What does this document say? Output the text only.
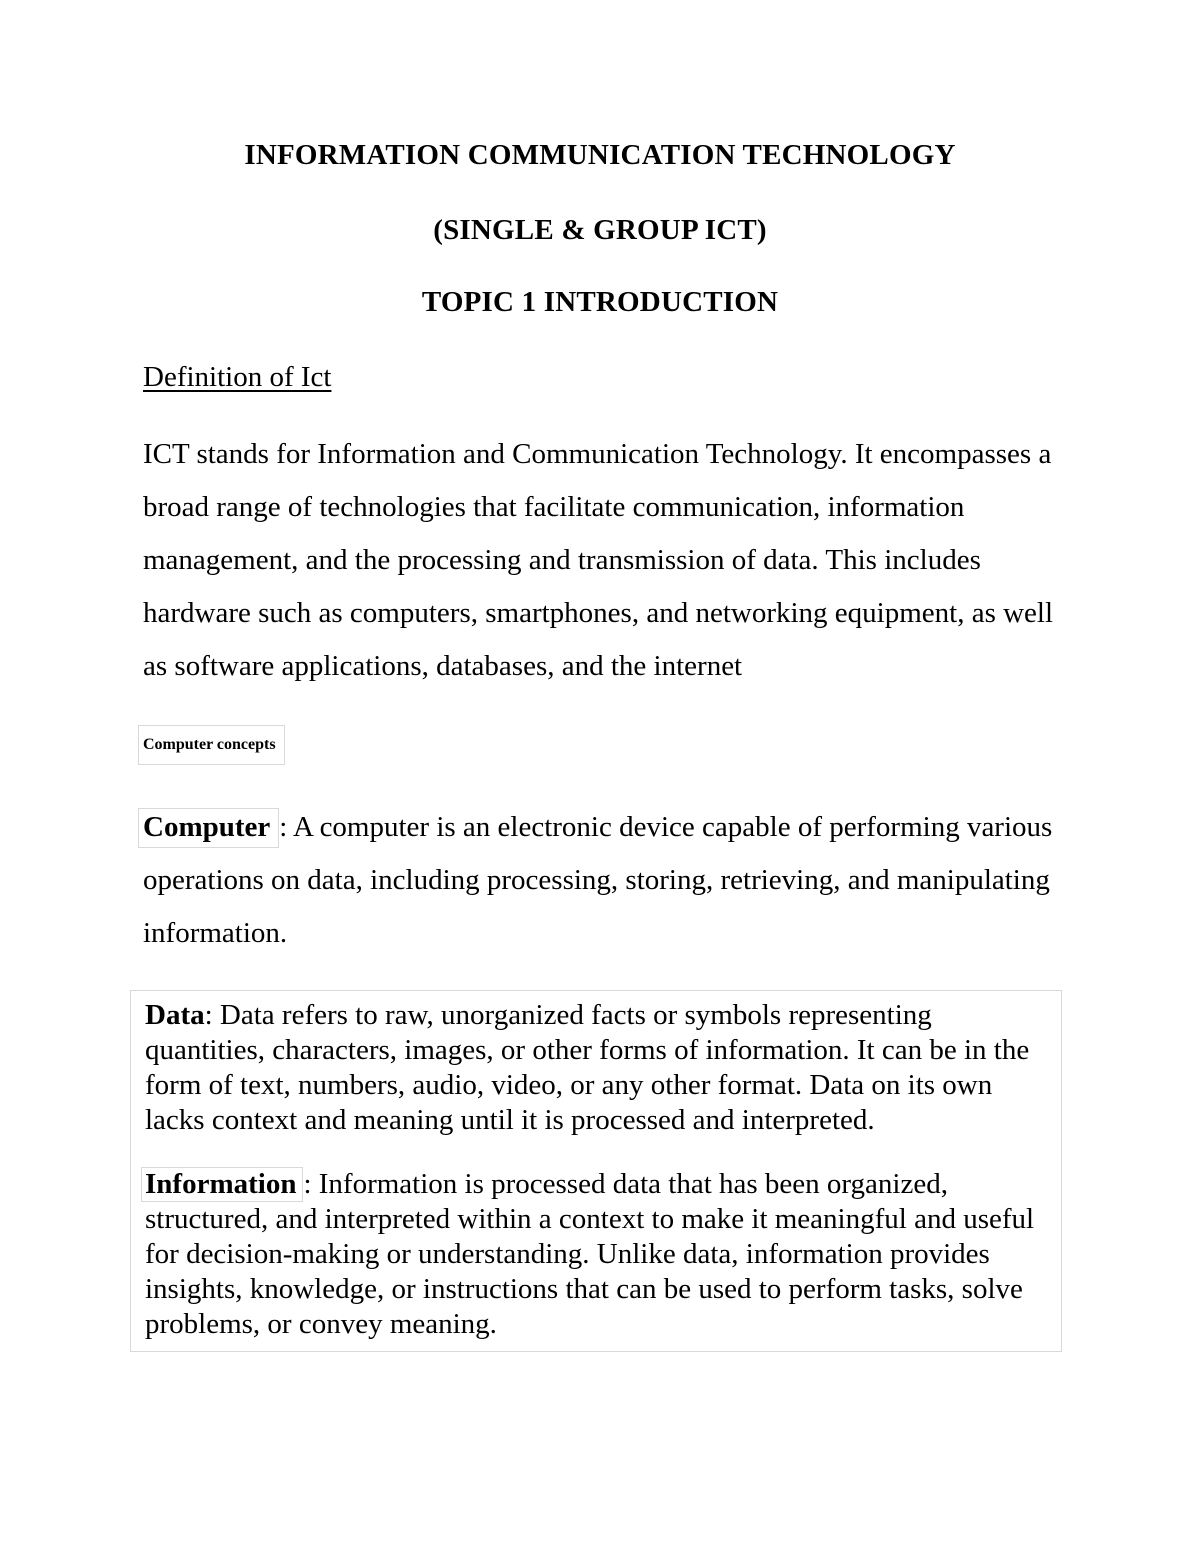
INFORMATION COMMUNICATION TECHNOLOGY
(SINGLE & GROUP ICT)
TOPIC 1 INTRODUCTION
Definition of Ict

ICT stands for Information and Communication Technology. It encompasses a broad range of technologies that facilitate communication, information management, and the processing and transmission of data. This includes hardware such as computers, smartphones, and networking equipment, as well as software applications, databases, and the internet

Computer concepts

Computer : A computer is an electronic device capable of performing various operations on data, including processing, storing, retrieving, and manipulating information.

Data: Data refers to raw, unorganized facts or symbols representing quantities, characters, images, or other forms of information. It can be in the form of text, numbers, audio, video, or any other format. Data on its own lacks context and meaning until it is processed and interpreted.

Information : Information is processed data that has been organized, structured, and interpreted within a context to make it meaningful and useful for decision-making or understanding. Unlike data, information provides insights, knowledge, or instructions that can be used to perform tasks, solve problems, or convey meaning.
